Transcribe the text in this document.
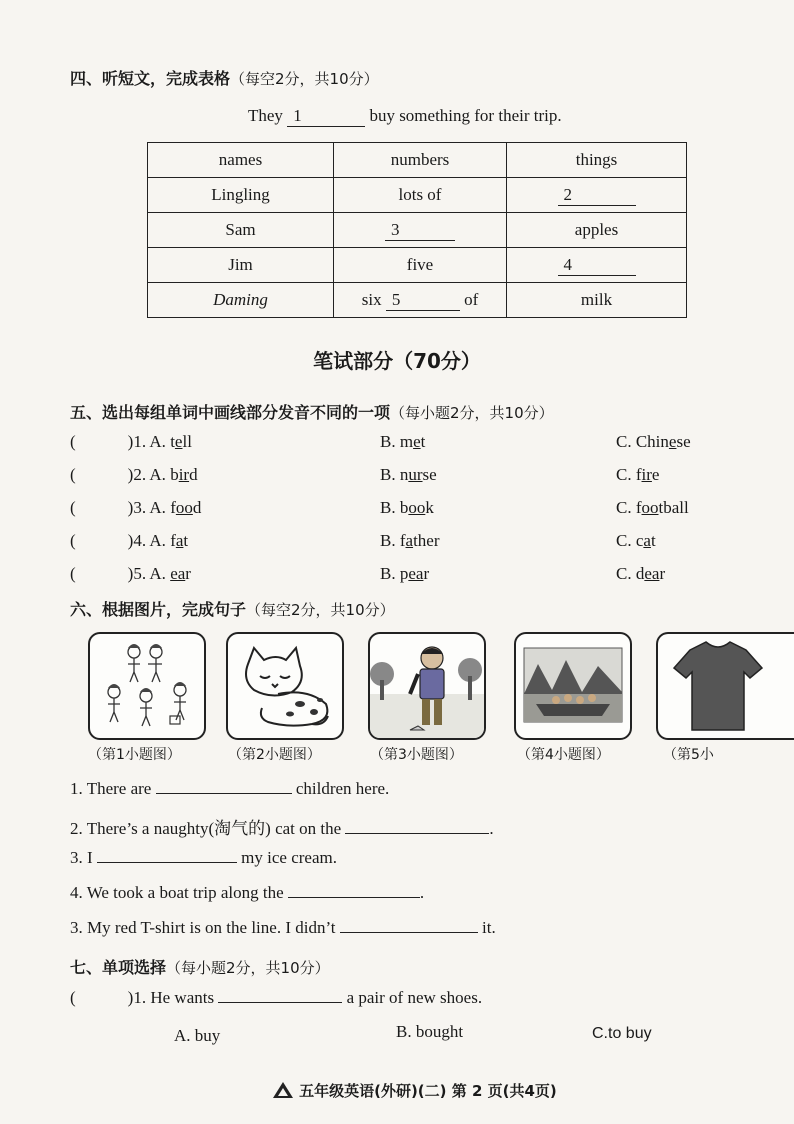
四、听短文，完成表格（每空2分，共10分）
They 1	buy something for their trip.
names	numbers	things
Lingling	lots of	2
Sam	3	apples
Jim	five	4
Daming	six 5 of	milk
笔试部分（70分）
五、选出每组单词中画线部分发音不同的一项（每小题2分，共10分）
(	)1. A. tell	B. met	C. Chinese
(	)2. A. bird	B. nurse	C. fire
(	)3. A. food	B. book	C. football
(	)4. A. fat	B. father	C. cat
(	)5. A. ear	B. pear	C. dear
六、根据图片，完成句子（每空2分，共10分）
（第1小题图）	（第2小题图）	（第3小题图）	（第4小题图）	（第5小
1. There are	children here.
2. There’s a naughty(淘气的) cat on the	.
3. I	my ice cream.
4. We took a boat trip along the	.
3. My red T-shirt is on the line. I didn’t	it.
七、单项选择（每小题2分，共10分）
(	)1. He wants	a pair of new shoes.
A. buy	B. bought	C.to buy
五年级英语(外研)(二) 第 2 页(共4页)
